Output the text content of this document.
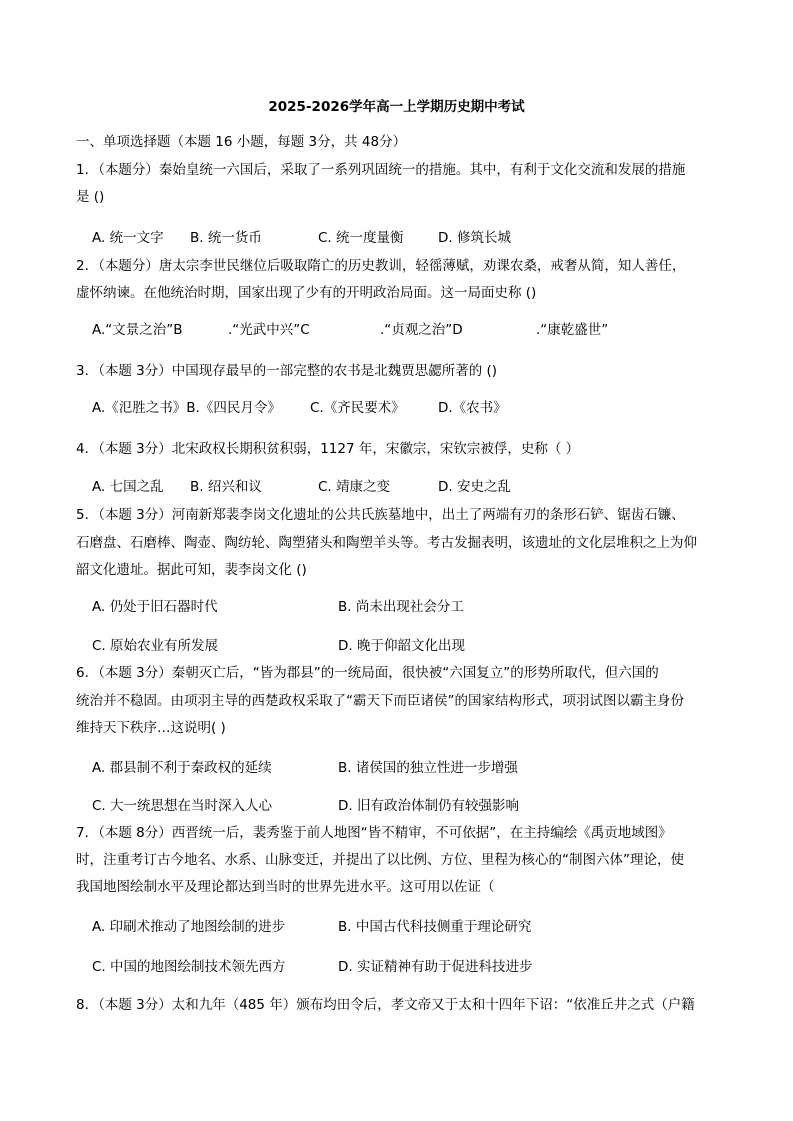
2025-2026学年高一上学期历史期中考试
一、单项选择题（本题 16 小题，每题 3分，共 48分）
1．（本题分）秦始皇统一六国后，采取了一系列巩固统一的措施。其中，有利于文化交流和发展的措施
是 ()
A. 统一文字 B. 统一货币	C. 统一度量衡	D. 修筑长城
2．（本题分）唐太宗李世民继位后吸取隋亡的历史教训，轻徭薄赋，劝课农桑，戒奢从简，知人善任，
虚怀纳谏。在他统治时期，国家出现了少有的开明政治局面。这一局面史称 ()
A.“文景之治”B	.“光武中兴”C	.“贞观之治”D	.“康乾盛世”
3．（本题 3分）中国现存最早的一部完整的农书是北魏贾思勰所著的 ()
A.《氾胜之书》B.《四民月令》 C.《齐民要术》 D.《农书》
4．（本题 3分）北宋政权长期积贫积弱，1127 年，宋徽宗，宋钦宗被俘，史称（ ）
A. 七国之乱 B. 绍兴和议	C. 靖康之变	D. 安史之乱
5．（本题 3分）河南新郑裴李岗文化遗址的公共氏族墓地中，出土了两端有刃的条形石铲、锯齿石镰、
石磨盘、石磨棒、陶壶、陶纺轮、陶塑猪头和陶塑羊头等。考古发掘表明，该遗址的文化层堆积之上为仰
韶文化遗址。据此可知，裴李岗文化 ()
A. 仍处于旧石器时代	B. 尚未出现社会分工
C. 原始农业有所发展	D. 晚于仰韶文化出现
6．（本题 3分）秦朝灭亡后，“皆为郡县”的一统局面，很快被“六国复立”的形势所取代，但六国的
统治并不稳固。由项羽主导的西楚政权采取了“霸天下而臣诸侯”的国家结构形式，项羽试图以霸主身份
维持天下秩序…这说明( )
A. 郡县制不利于秦政权的延续	B. 诸侯国的独立性进一步增强
C. 大一统思想在当时深入人心	D. 旧有政治体制仍有较强影响
7．（本题 8分）西晋统一后，裴秀鉴于前人地图“皆不精审，不可依据”，在主持编绘《禹贡地域图》
时，注重考订古今地名、水系、山脉变迁，并提出了以比例、方位、里程为核心的“制图六体”理论，使
我国地图绘制水平及理论都达到当时的世界先进水平。这可用以佐证（
A. 印刷术推动了地图绘制的进步	B. 中国古代科技侧重于理论研究
C. 中国的地图绘制技术领先西方	D. 实证精神有助于促进科技进步
8．（本题 3分）太和九年（485 年）颁布均田令后，孝文帝又于太和十四年下诏：“依准丘井之式（户籍
